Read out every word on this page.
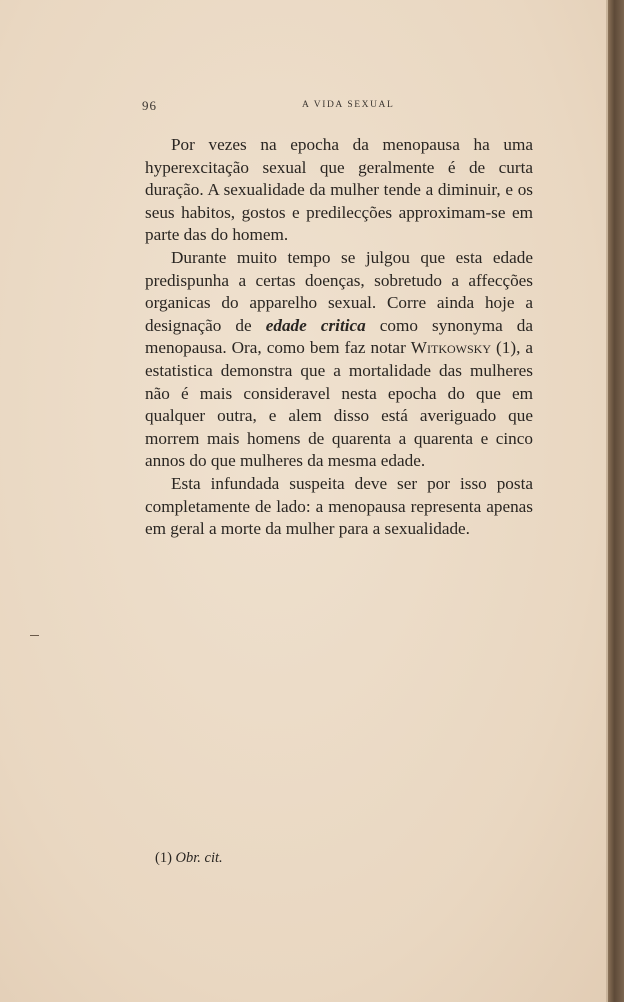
96	A VIDA SEXUAL

Por vezes na epocha da menopausa ha uma hyperexcitação sexual que geralmente é de curta duração. A sexualidade da mulher tende a diminuir, e os seus habitos, gostos e predilecções approximam-se em parte das do homem.

Durante muito tempo se julgou que esta edade predispunha a certas doenças, sobretudo a affecções organicas do apparelho sexual. Corre ainda hoje a designação de edade critica como synonyma da menopausa. Ora, como bem faz notar Witkowsky (1), a estatistica demonstra que a mortalidade das mulheres não é mais consideravel nesta epocha do que em qualquer outra, e alem disso está averiguado que morrem mais homens de quarenta a quarenta e cinco annos do que mulheres da mesma edade.

Esta infundada suspeita deve ser por isso posta completamente de lado: a menopausa representa apenas em geral a morte da mulher para a sexualidade.

(1) Obr. cit.
